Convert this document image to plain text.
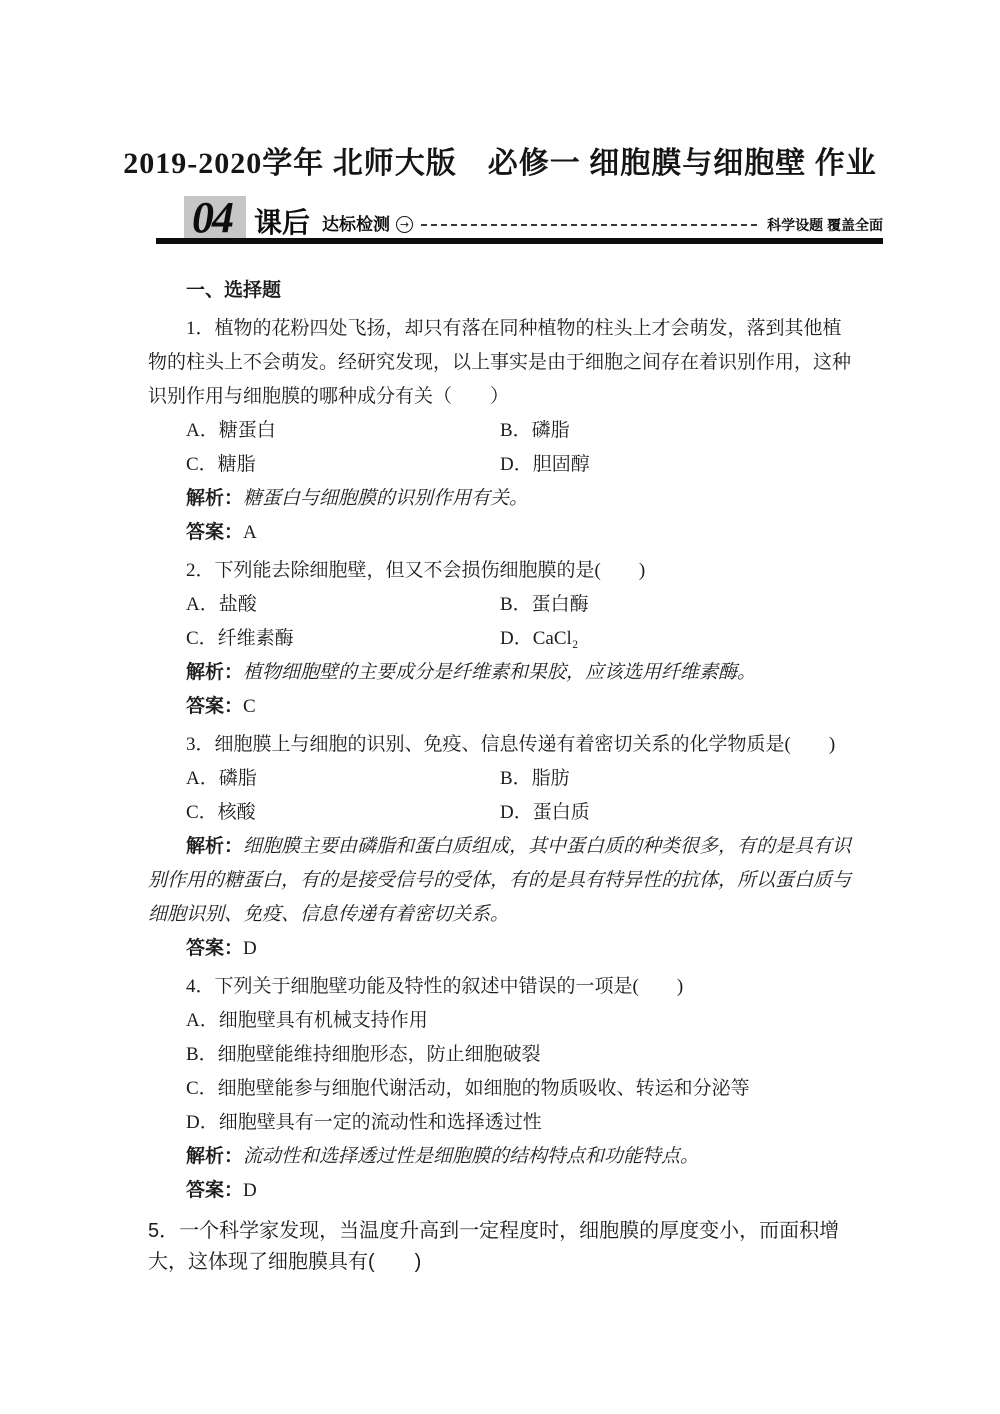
2019-2020学年 北师大版　必修一 细胞膜与细胞壁 作业
04 课后 达标检测 →	科学设题 覆盖全面

一、选择题

1．植物的花粉四处飞扬，却只有落在同种植物的柱头上才会萌发，落到其他植物的柱头上不会萌发。经研究发现，以上事实是由于细胞之间存在着识别作用，这种识别作用与细胞膜的哪种成分有关（　　）

A．糖蛋白	B．磷脂
C．糖脂	D．胆固醇

解析：糖蛋白与细胞膜的识别作用有关。

答案：A

2．下列能去除细胞壁，但又不会损伤细胞膜的是(　　)

A．盐酸	B．蛋白酶
C．纤维素酶	D．CaCl₂

解析：植物细胞壁的主要成分是纤维素和果胶，应该选用纤维素酶。

答案：C

3．细胞膜上与细胞的识别、免疫、信息传递有着密切关系的化学物质是(　　)

A．磷脂	B．脂肪
C．核酸	D．蛋白质

解析：细胞膜主要由磷脂和蛋白质组成，其中蛋白质的种类很多，有的是具有识别作用的糖蛋白，有的是接受信号的受体，有的是具有特异性的抗体，所以蛋白质与细胞识别、免疫、信息传递有着密切关系。

答案：D

4．下列关于细胞壁功能及特性的叙述中错误的一项是(　　)

A．细胞壁具有机械支持作用
B．细胞壁能维持细胞形态，防止细胞破裂
C．细胞壁能参与细胞代谢活动，如细胞的物质吸收、转运和分泌等
D．细胞壁具有一定的流动性和选择透过性

解析：流动性和选择透过性是细胞膜的结构特点和功能特点。

答案：D

5．一个科学家发现，当温度升高到一定程度时，细胞膜的厚度变小，而面积增大，这体现了细胞膜具有(　　)
